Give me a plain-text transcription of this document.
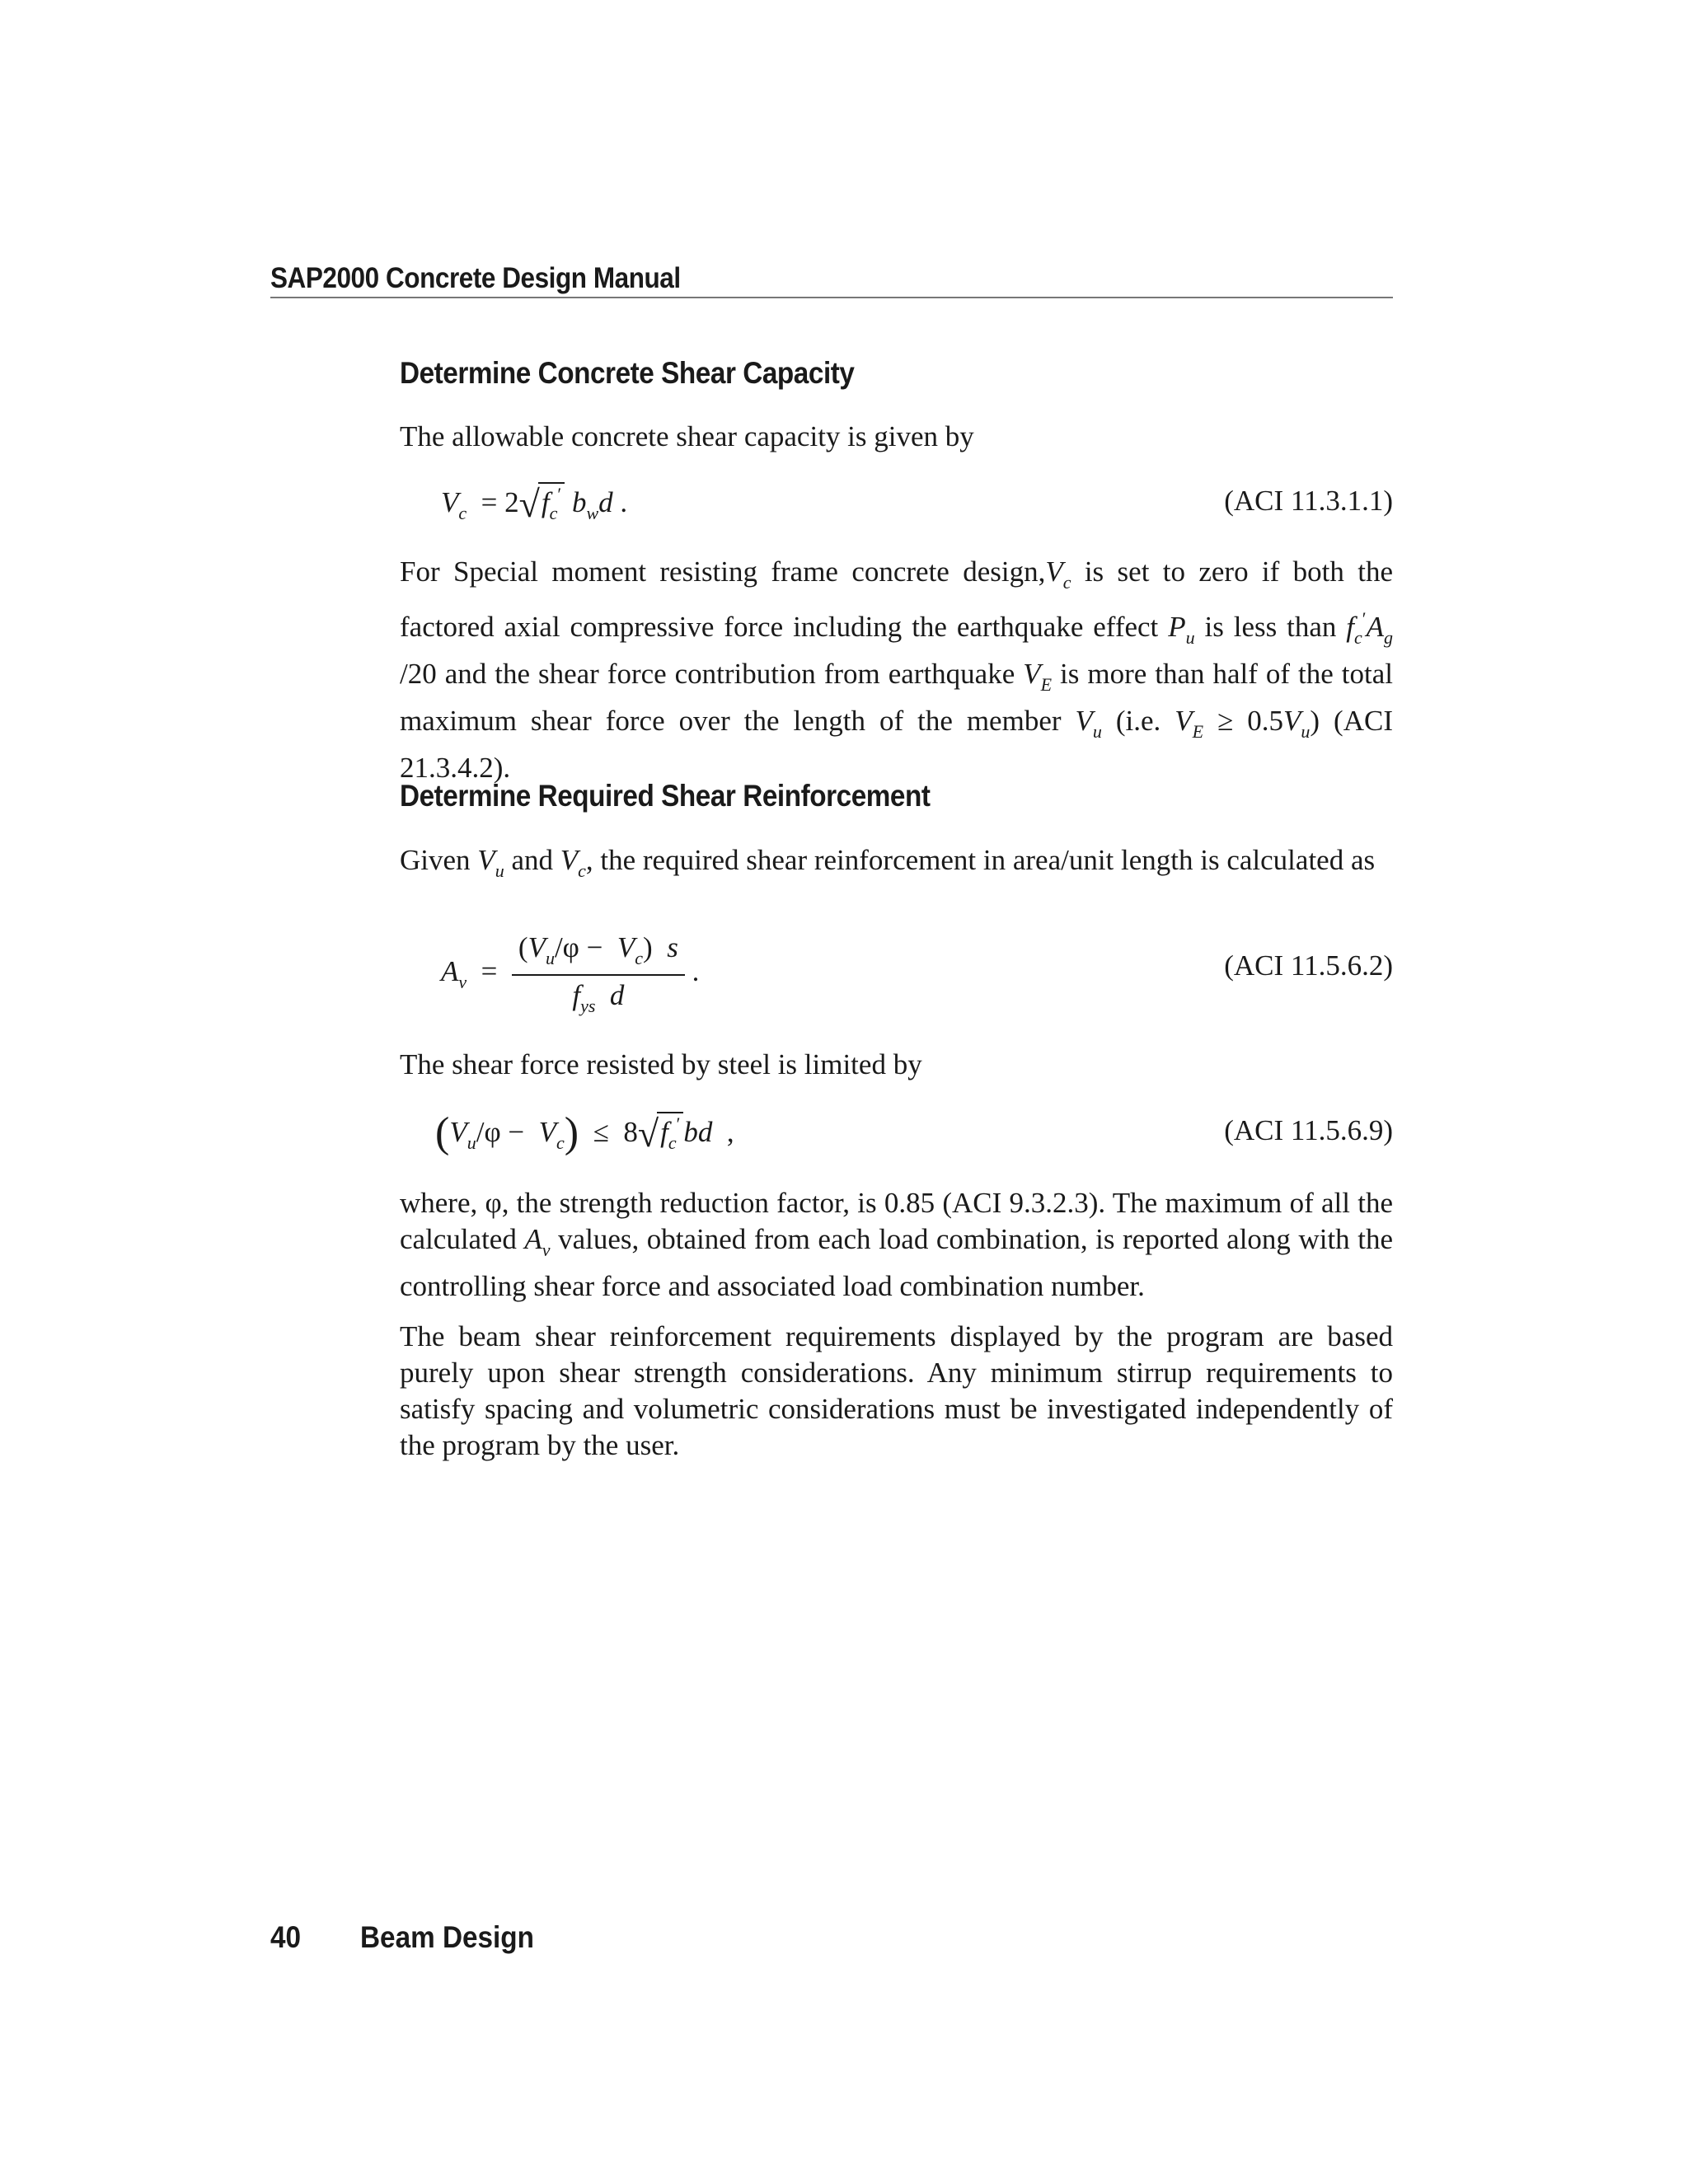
SAP2000 Concrete Design Manual
Determine Concrete Shear Capacity
The allowable concrete shear capacity is given by
$V_c = 2√f_c'$ $b_wd$ .	(ACI 11.3.1.1)
For Special moment resisting frame concrete $design,V_c$ is set to zero if both the factored axial compressive force including the earthquake effect $P_u$ is less than $f_c'A_g$ /20 and the shear force contribution from earthquake $V_E$ is more than half of the total maximum shear force over the length of the member $V_u$ (i.e. $V_E \ge 0.5V_u$) (ACI 21.3.4.2).
Determine Required Shear Reinforcement
Given $V_u$ and $V_c$, the required shear reinforcement in area/unit length is calculated as
$A_v = \frac{(V_u/\varphi - V_c) s}{f_{ys} d}$ .	(ACI 11.5.6.2)
The shear force resisted by steel is limited by
$(V_u/\varphi - V_c) \le 8√f_c'$ bd  ,	(ACI 11.5.6.9)
where, φ, the strength reduction factor, is 0.85 (ACI 9.3.2.3). The maximum of all the calculated $A_v$ values, obtained from each load combination, is reported along with the controlling shear force and associated load combination number.
The beam shear reinforcement requirements displayed by the program are based purely upon shear strength considerations. Any minimum stirrup requirements to satisfy spacing and volumetric considerations must be investigated independently of the program by the user.
40 Beam Design
